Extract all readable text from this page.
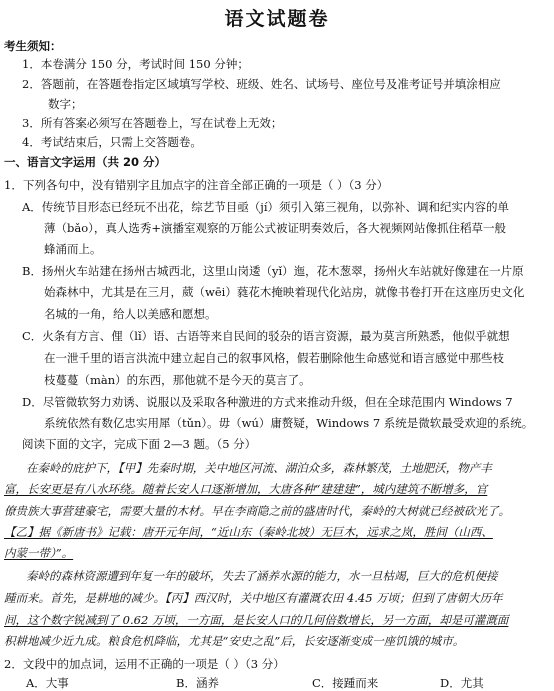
语文试题卷
考生须知：
1．本卷满分 150 分，考试时间 150 分钟；
2．答题前，在答题卷指定区域填写学校、班级、姓名、试场号、座位号及准考证号并填涂相应
数字；
3．所有答案必须写在答题卷上，写在试卷上无效；
4．考试结束后，只需上交答题卷。
一、语言文字运用（共 20 分）
1．下列各句中，没有错别字且加点字的注音全部正确的一项是（ ）（3 分）
A．传统节目形态已经玩不出花，综艺节目亟（jí）须引入第三视角，以弥补、调和纪实内容的单
薄（bǎo），真人选秀+演播室观察的万能公式被证明奏效后，各大视频网站像抓住稻草一般
蜂涌而上。
B．扬州火车站建在扬州古城西北，这里山岗逶（yǐ）迤，花木葱翠，扬州火车站就好像建在一片原
始森林中，尤其是在三月，葳（wēi）蕤花木掩映着现代化站房，就像书卷打开在这座历史文化
名城的一角，给人以美感和愿想。
C．火条有方言、俚（lǐ）语、古语等来自民间的驳杂的语言资源，最为莫言所熟悉，他似乎就想
在一泄千里的语言洪流中建立起自己的叙事风格，假若删除他生命感觉和语言感觉中那些枝
枝蔓蔓（màn）的东西，那他就不是今天的莫言了。
D．尽管微软努力劝诱、说服以及采取各种激进的方式来推动升级，但在全球范围内 Windows 7
系统依然有数亿忠实用犀（tǔn）。毋（wú）庸赘疑，Windows 7 系统是微软最受欢迎的系统。
阅读下面的文字，完成下面 2—3 题。（5 分）
在秦岭的庇护下，【甲】先秦时期，关中地区河流、湖泊众多，森林繁茂，土地肥沃，物产丰
富，长安更是有八水环绕。随着长安人口逐渐增加，大唐各种“建建建”，城内建筑不断增多，官
僚贵族大事营建豪宅，需要大量的木材。早在李商隐之前的盛唐时代，秦岭的大树就已经被砍光了。
【乙】据《新唐书》记载：唐开元年间，“近山东（秦岭北坡）无巨木，远求之岚，胜间（山西、
内蒙一带）”。
秦岭的森林资源遭到年复一年的破坏，失去了涵养水源的能力，水一旦枯竭，巨大的危机便接
踵而来。首先，是耕地的减少。【丙】西汉时，关中地区有灌溉农田 4.45 万顷；但到了唐朝大历年
间，这个数字锐减到了 0.62 万顷，一方面，是长安人口的几何倍数增长，另一方面，却是可灌溉面
积耕地减少近九成。粮食危机降临，尤其是“安史之乱”后，长安逐渐变成一座饥饿的城市。
2．文段中的加点词，运用不正确的一项是（ ）（3 分）
A．大事	B．涵养	C．接踵而来	D．尤其
